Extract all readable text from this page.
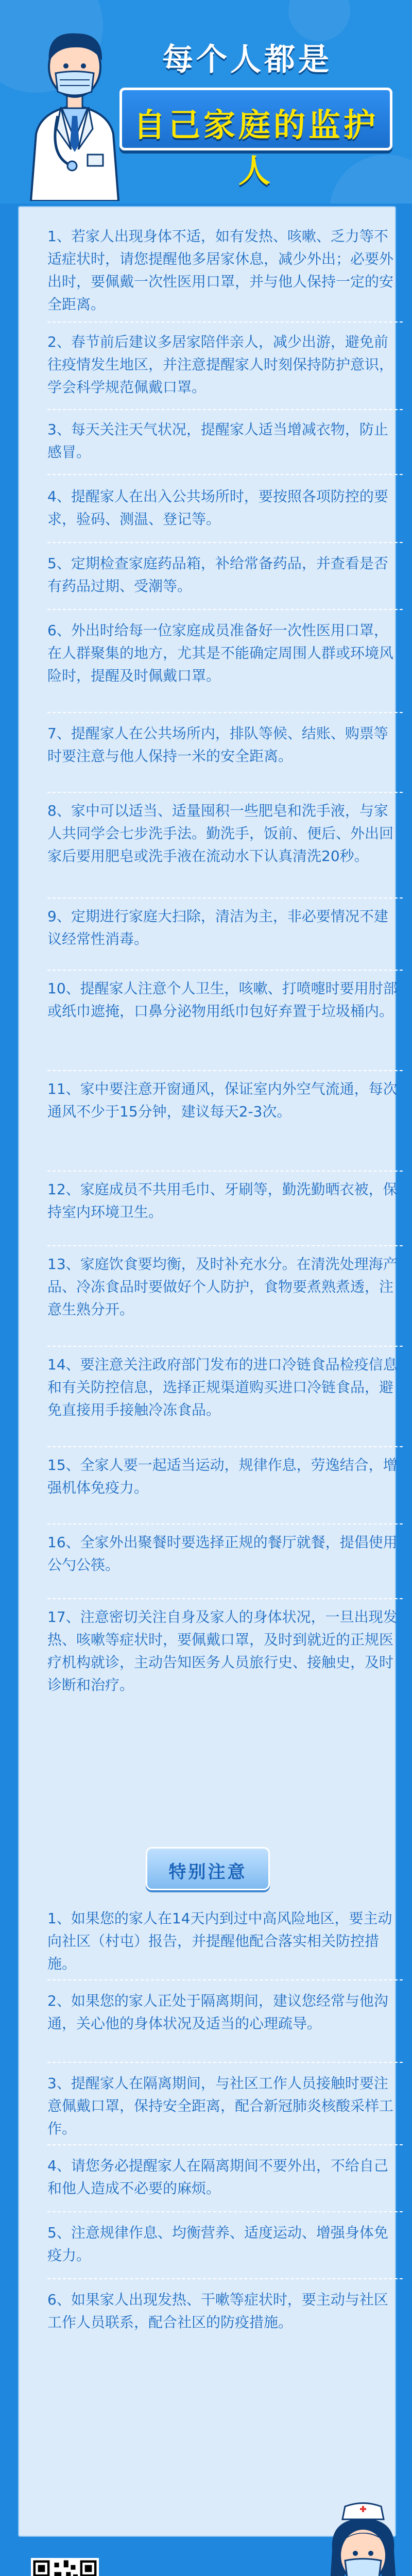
每个人都是
自己家庭的监护人
1、若家人出现身体不适，如有发热、咳嗽、乏力等不适症状时，请您提醒他多居家休息，减少外出；必要外出时，要佩戴一次性医用口罩，并与他人保持一定的安全距离。
2、春节前后建议多居家陪伴亲人，减少出游，避免前往疫情发生地区，并注意提醒家人时刻保持防护意识，学会科学规范佩戴口罩。
3、每天关注天气状况，提醒家人适当增减衣物，防止感冒。
4、提醒家人在出入公共场所时，要按照各项防控的要求，验码、测温、登记等。
5、定期检查家庭药品箱，补给常备药品，并查看是否有药品过期、受潮等。
6、外出时给每一位家庭成员准备好一次性医用口罩，在人群聚集的地方，尤其是不能确定周围人群或环境风险时，提醒及时佩戴口罩。
7、提醒家人在公共场所内，排队等候、结账、购票等时要注意与他人保持一米的安全距离。
8、家中可以适当、适量囤积一些肥皂和洗手液，与家人共同学会七步洗手法。勤洗手，饭前、便后、外出回家后要用肥皂或洗手液在流动水下认真清洗20秒。
9、定期进行家庭大扫除，清洁为主，非必要情况不建议经常性消毒。
10、提醒家人注意个人卫生，咳嗽、打喷嚏时要用肘部或纸巾遮掩，口鼻分泌物用纸巾包好弃置于垃圾桶内。
11、家中要注意开窗通风，保证室内外空气流通，每次通风不少于15分钟，建议每天2-3次。
12、家庭成员不共用毛巾、牙刷等，勤洗勤晒衣被，保持室内环境卫生。
13、家庭饮食要均衡，及时补充水分。在清洗处理海产品、冷冻食品时要做好个人防护，食物要煮熟煮透，注意生熟分开。
14、要注意关注政府部门发布的进口冷链食品检疫信息和有关防控信息，选择正规渠道购买进口冷链食品，避免直接用手接触冷冻食品。
15、全家人要一起适当运动，规律作息，劳逸结合，增强机体免疫力。
16、全家外出聚餐时要选择正规的餐厅就餐，提倡使用公勺公筷。
17、注意密切关注自身及家人的身体状况，一旦出现发热、咳嗽等症状时，要佩戴口罩，及时到就近的正规医疗机构就诊，主动告知医务人员旅行史、接触史，及时诊断和治疗。
1、如果您的家人在14天内到过中高风险地区，要主动向社区（村屯）报告，并提醒他配合落实相关防控措施。
2、如果您的家人正处于隔离期间，建议您经常与他沟通，关心他的身体状况及适当的心理疏导。
3、提醒家人在隔离期间，与社区工作人员接触时要注意佩戴口罩，保持安全距离，配合新冠肺炎核酸采样工作。
4、请您务必提醒家人在隔离期间不要外出，不给自己和他人造成不必要的麻烦。
5、注意规律作息、均衡营养、适度运动、增强身体免疫力。
6、如果家人出现发热、干嗽等症状时，要主动与社区工作人员联系，配合社区的防疫措施。
特别注意
